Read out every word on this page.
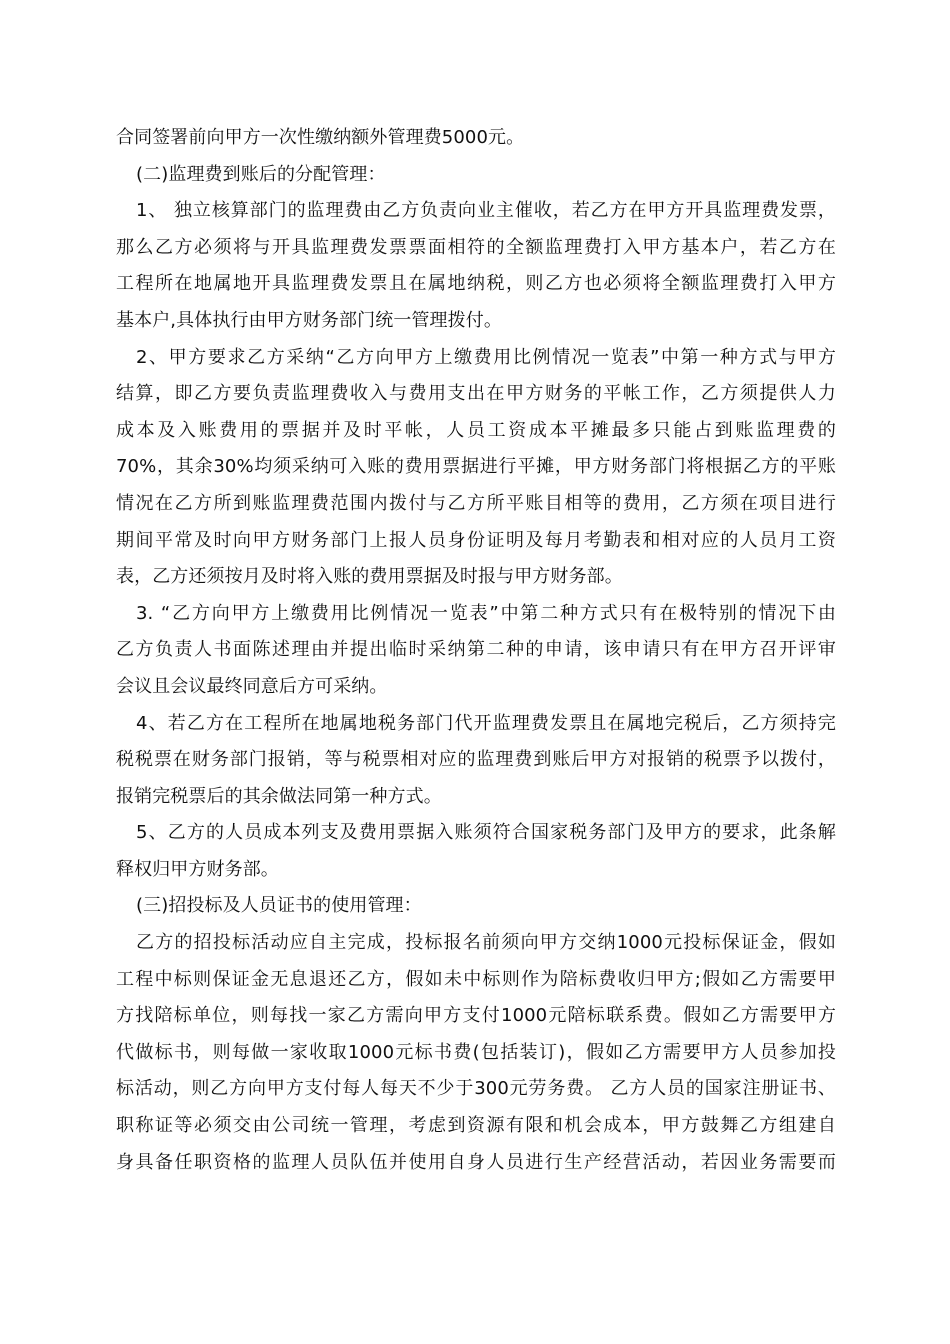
合同签署前向甲方一次性缴纳额外管理费5000元。
(二)监理费到账后的分配管理：
1、 独立核算部门的监理费由乙方负责向业主催收，若乙方在甲方开具监理费发票，
那么乙方必须将与开具监理费发票票面相符的全额监理费打入甲方基本户，若乙方在
工程所在地属地开具监理费发票且在属地纳税，则乙方也必须将全额监理费打入甲方
基本户,具体执行由甲方财务部门统一管理拨付。
2、甲方要求乙方采纳“乙方向甲方上缴费用比例情况一览表”中第一种方式与甲方
结算，即乙方要负责监理费收入与费用支出在甲方财务的平帐工作，乙方须提供人力
成本及入账费用的票据并及时平帐，人员工资成本平摊最多只能占到账监理费的
70%，其余30%均须采纳可入账的费用票据进行平摊，甲方财务部门将根据乙方的平账
情况在乙方所到账监理费范围内拨付与乙方所平账目相等的费用，乙方须在项目进行
期间平常及时向甲方财务部门上报人员身份证明及每月考勤表和相对应的人员月工资
表，乙方还须按月及时将入账的费用票据及时报与甲方财务部。
3. “乙方向甲方上缴费用比例情况一览表”中第二种方式只有在极特别的情况下由
乙方负责人书面陈述理由并提出临时采纳第二种的申请，该申请只有在甲方召开评审
会议且会议最终同意后方可采纳。
4、若乙方在工程所在地属地税务部门代开监理费发票且在属地完税后，乙方须持完
税税票在财务部门报销，等与税票相对应的监理费到账后甲方对报销的税票予以拨付，
报销完税票后的其余做法同第一种方式。
5、乙方的人员成本列支及费用票据入账须符合国家税务部门及甲方的要求，此条解
释权归甲方财务部。
(三)招投标及人员证书的使用管理：
乙方的招投标活动应自主完成，投标报名前须向甲方交纳1000元投标保证金，假如
工程中标则保证金无息退还乙方，假如未中标则作为陪标费收归甲方;假如乙方需要甲
方找陪标单位，则每找一家乙方需向甲方支付1000元陪标联系费。假如乙方需要甲方
代做标书，则每做一家收取1000元标书费(包括装订)，假如乙方需要甲方人员参加投
标活动，则乙方向甲方支付每人每天不少于300元劳务费。 乙方人员的国家注册证书、
职称证等必须交由公司统一管理，考虑到资源有限和机会成本，甲方鼓舞乙方组建自
身具备任职资格的监理人员队伍并使用自身人员进行生产经营活动，若因业务需要而
